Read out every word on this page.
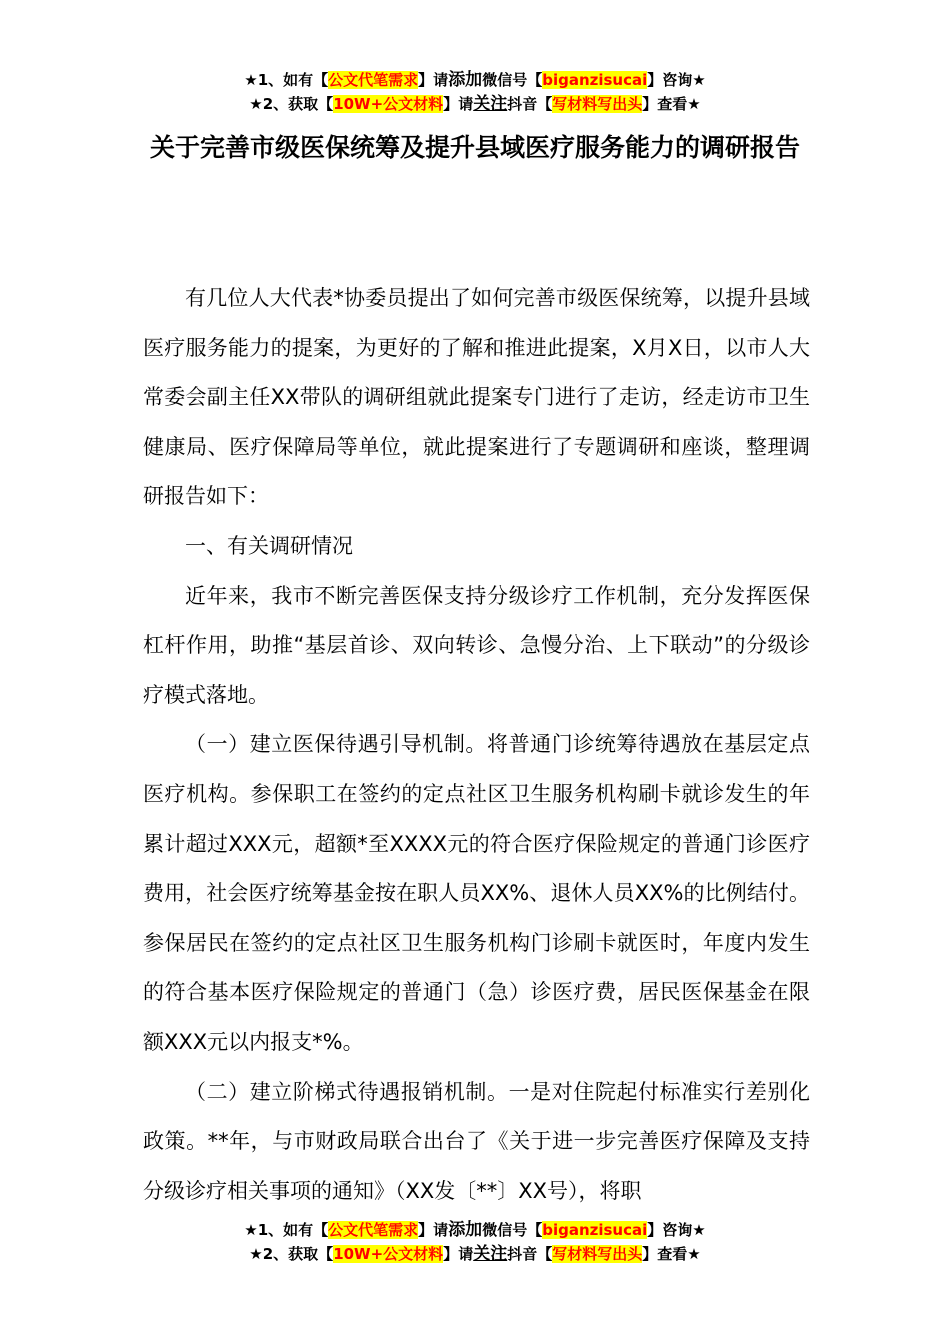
★1、如有【公文代笔需求】请添加微信号【biganzisucai】咨询★
★2、获取【10W+公文材料】请关注抖音【写材料写出头】查看★
关于完善市级医保统筹及提升县域医疗服务能力的调研报告

有几位人大代表*协委员提出了如何完善市级医保统筹，以提升县域医疗服务能力的提案，为更好的了解和推进此提案，X月X日，以市人大常委会副主任XX带队的调研组就此提案专门进行了走访，经走访市卫生健康局、医疗保障局等单位，就此提案进行了专题调研和座谈，整理调研报告如下：

一、有关调研情况

近年来，我市不断完善医保支持分级诊疗工作机制，充分发挥医保杠杆作用，助推“基层首诊、双向转诊、急慢分治、上下联动”的分级诊疗模式落地。

（一）建立医保待遇引导机制。将普通门诊统筹待遇放在基层定点医疗机构。参保职工在签约的定点社区卫生服务机构刷卡就诊发生的年累计超过XXX元，超额*至XXXX元的符合医疗保险规定的普通门诊医疗费用，社会医疗统筹基金按在职人员XX%、退休人员XX%的比例结付。参保居民在签约的定点社区卫生服务机构门诊刷卡就医时，年度内发生的符合基本医疗保险规定的普通门（急）诊医疗费，居民医保基金在限额XXX元以内报支*%。

（二）建立阶梯式待遇报销机制。一是对住院起付标准实行差别化政策。**年，与市财政局联合出台了《关于进一步完善医疗保障及支持分级诊疗相关事项的通知》（XX发〔**〕XX号），将职

★1、如有【公文代笔需求】请添加微信号【biganzisucai】咨询★
★2、获取【10W+公文材料】请关注抖音【写材料写出头】查看★
